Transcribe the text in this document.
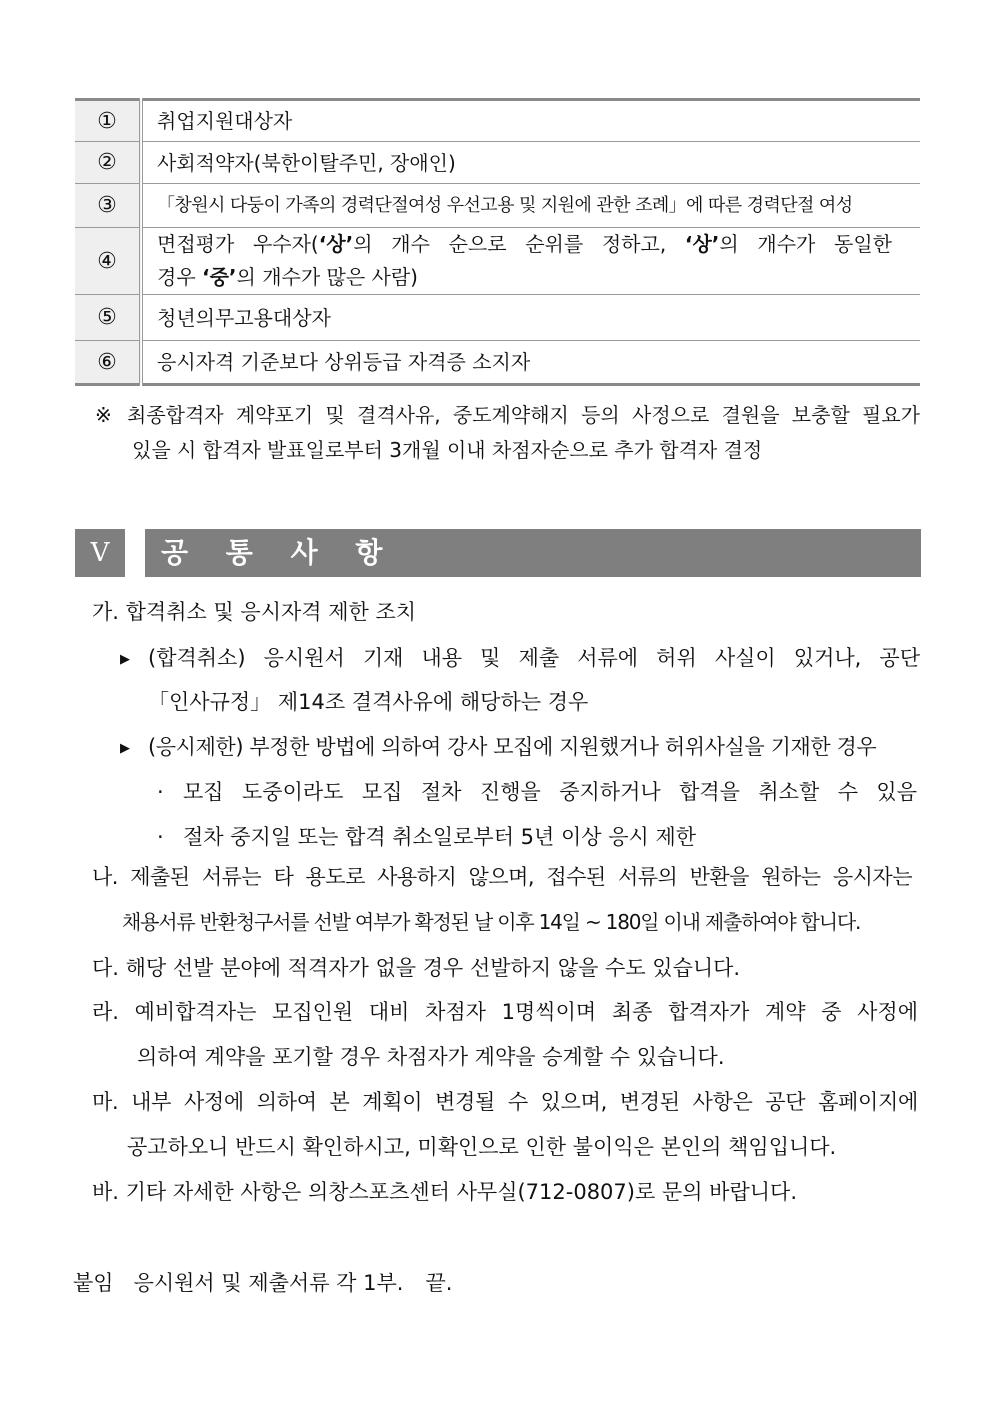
①	취업지원대상자
②	사회적약자(북한이탈주민, 장애인)
③	「창원시 다둥이 가족의 경력단절여성 우선고용 및 지원에 관한 조례」에 따른 경력단절 여성
④	면접평가 우수자(‘상’의 개수 순으로 순위를 정하고, ‘상’의 개수가 동일한
경우 ‘중’의 개수가 많은 사람)

⑤	청년의무고용대상자
⑥	응시자격 기준보다 상위등급 자격증 소지자
※ 최종합격자 계약포기 및 결격사유, 중도계약해지 등의 사정으로 결원을 보충할 필요가
있을 시 합격자 발표일로부터 3개월 이내 차점자순으로 추가 합격자 결정
Ⅴ	공 통 사 항
가. 합격취소 및 응시자격 제한 조치
▶ (합격취소) 응시원서 기재 내용 및 제출 서류에 허위 사실이 있거나, 공단
「인사규정」 제14조 결격사유에 해당하는 경우
▶ (응시제한) 부정한 방법에 의하여 강사 모집에 지원했거나 허위사실을 기재한 경우
· 모집 도중이라도 모집 절차 진행을 중지하거나 합격을 취소할 수 있음
· 절차 중지일 또는 합격 취소일로부터 5년 이상 응시 제한
나. 제출된 서류는 타 용도로 사용하지 않으며, 접수된 서류의 반환을 원하는 응시자는
채용서류 반환청구서를 선발 여부가 확정된 날 이후 14일 ~ 180일 이내 제출하여야 합니다.
다. 해당 선발 분야에 적격자가 없을 경우 선발하지 않을 수도 있습니다.
라. 예비합격자는 모집인원 대비 차점자 1명씩이며 최종 합격자가 계약 중 사정에
의하여 계약을 포기할 경우 차점자가 계약을 승계할 수 있습니다.
마. 내부 사정에 의하여 본 계획이 변경될 수 있으며, 변경된 사항은 공단 홈페이지에
공고하오니 반드시 확인하시고, 미확인으로 인한 불이익은 본인의 책임입니다.
바. 기타 자세한 사항은 의창스포츠센터 사무실(712-0807)로 문의 바랍니다.
붙임 응시원서 및 제출서류 각 1부. 끝.
